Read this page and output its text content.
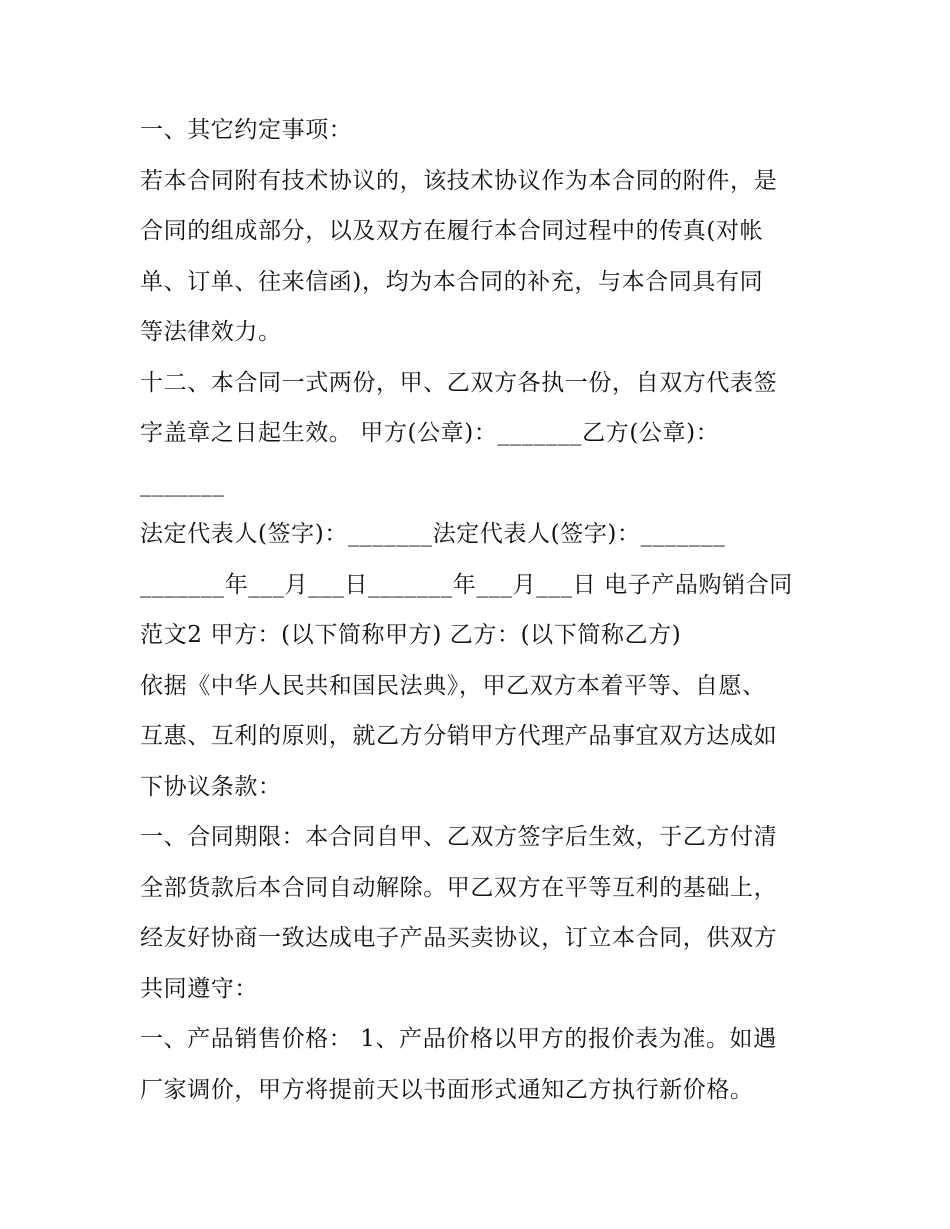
一、其它约定事项：
若本合同附有技术协议的，该技术协议作为本合同的附件，是
合同的组成部分，以及双方在履行本合同过程中的传真(对帐
单、订单、往来信函)，均为本合同的补充，与本合同具有同
等法律效力。
十二、本合同一式两份，甲、乙双方各执一份，自双方代表签
字盖章之日起生效。 甲方(公章)：_______乙方(公章)：
_______
法定代表人(签字)：_______法定代表人(签字)：_______
_______年___月___日_______年___月___日 电子产品购销合同
范文2 甲方：(以下简称甲方) 乙方：(以下简称乙方)
依据《中华人民共和国民法典》，甲乙双方本着平等、自愿、
互惠、互利的原则，就乙方分销甲方代理产品事宜双方达成如
下协议条款：
一、合同期限：本合同自甲、乙双方签字后生效，于乙方付清
全部货款后本合同自动解除。甲乙双方在平等互利的基础上，
经友好协商一致达成电子产品买卖协议，订立本合同，供双方
共同遵守：
一、产品销售价格： 1、产品价格以甲方的报价表为准。如遇
厂家调价，甲方将提前天以书面形式通知乙方执行新价格。
